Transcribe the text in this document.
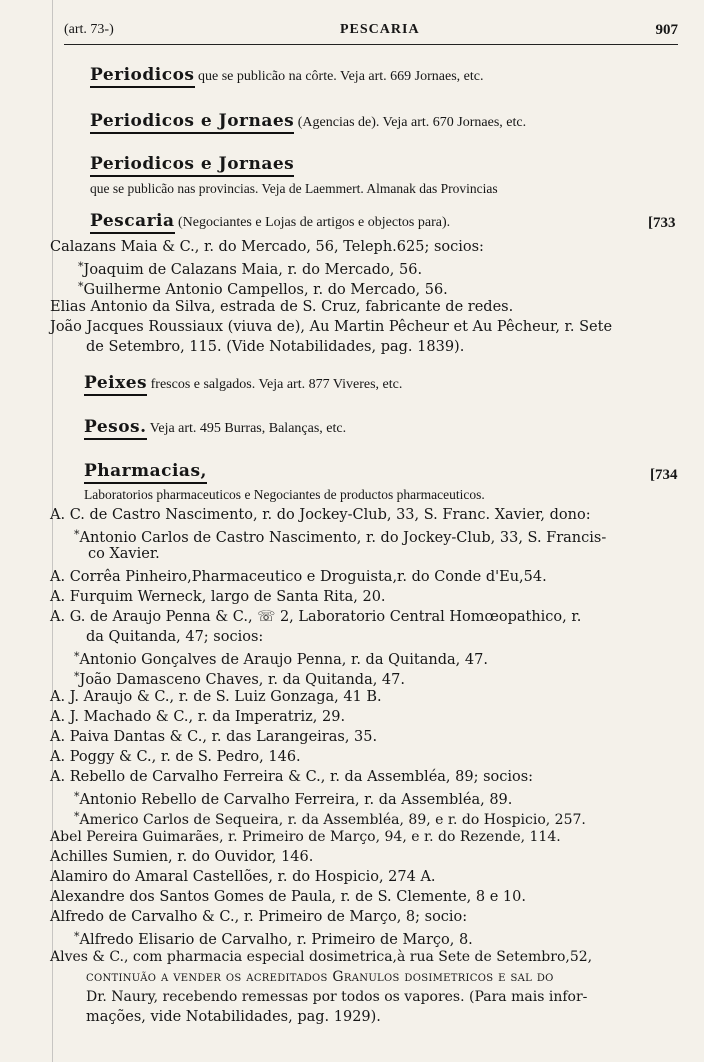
(art. 73-)	PESCARIA	907
Periodicos que se publicão na côrte. Veja art. 669 Jornaes, etc.
Periodicos e Jornaes (Agencias de). Veja art. 670 Jornaes, etc.
Periodicos e Jornaes
que se publicão nas provincias. Veja de Laemmert. Almanak das Provincias
Pescaria (Negociantes e Lojas de artigos e objectos para).	[733
Calazans Maia & C., r. do Mercado, 56, Teleph.625; socios:
*Joaquim de Calazans Maia, r. do Mercado, 56.
*Guilherme Antonio Campellos, r. do Mercado, 56.
Elias Antonio da Silva, estrada de S. Cruz, fabricante de redes.
João Jacques Roussiaux (viuva de), Au Martin Pêcheur et Au Pêcheur, r. Sete
de Setembro, 115. (Vide Notabilidades, pag. 1839).
Peixes frescos e salgados. Veja art. 877 Viveres, etc.
Pesos. Veja art. 495 Burras, Balanças, etc.
Pharmacias,	[734
Laboratorios pharmaceuticos e Negociantes de productos pharmaceuticos.
A. C. de Castro Nascimento, r. do Jockey-Club, 33, S. Franc. Xavier, dono:
*Antonio Carlos de Castro Nascimento, r. do Jockey-Club, 33, S. Francis-
co Xavier.
A. Corrêa Pinheiro,Pharmaceutico e Droguista,r. do Conde d'Eu,54.
A. Furquim Werneck, largo de Santa Rita, 20.
A. G. de Araujo Penna & C., ☏ 2, Laboratorio Central Homœopathico, r.
da Quitanda, 47; socios:
*Antonio Gonçalves de Araujo Penna, r. da Quitanda, 47.
*João Damasceno Chaves, r. da Quitanda, 47.
A. J. Araujo & C., r. de S. Luiz Gonzaga, 41 B.
A. J. Machado & C., r. da Imperatriz, 29.
A. Paiva Dantas & C., r. das Larangeiras, 35.
A. Poggy & C., r. de S. Pedro, 146.
A. Rebello de Carvalho Ferreira & C., r. da Assembléa, 89; socios:
*Antonio Rebello de Carvalho Ferreira, r. da Assembléa, 89.
*Americo Carlos de Sequeira, r. da Assembléa, 89, e r. do Hospicio, 257.
Abel Pereira Guimarães, r. Primeiro de Março, 94, e r. do Rezende, 114.
Achilles Sumien, r. do Ouvidor, 146.
Alamiro do Amaral Castellões, r. do Hospicio, 274 A.
Alexandre dos Santos Gomes de Paula, r. de S. Clemente, 8 e 10.
Alfredo de Carvalho & C., r. Primeiro de Março, 8; socio:
*Alfredo Elisario de Carvalho, r. Primeiro de Março, 8.
Alves & C., com pharmacia especial dosimetrica,à rua Sete de Setembro,52,
continuão a vender os acreditados Granulos dosimetricos e sal do
Dr. Naury, recebendo remessas por todos os vapores. (Para mais infor-
mações, vide Notabilidades, pag. 1929).
